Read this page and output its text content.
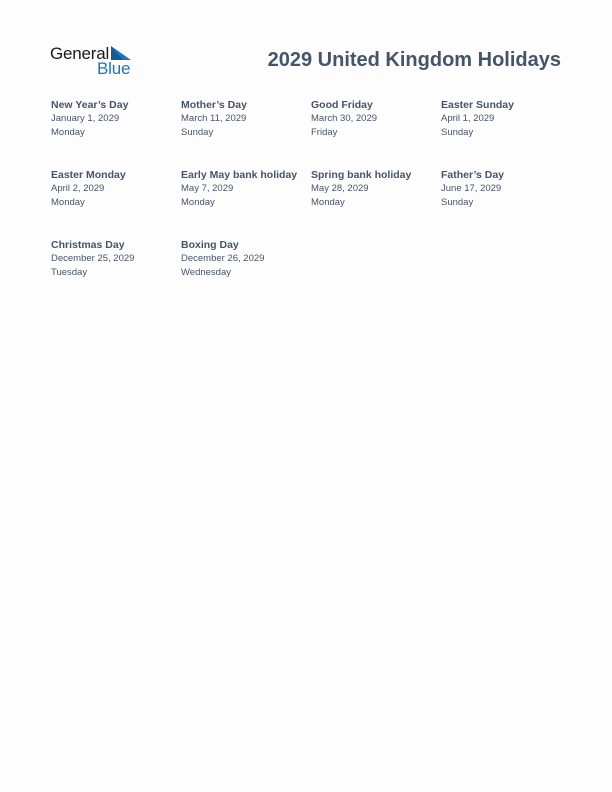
General
Blue	2029 United Kingdom Holidays
New Year’s Day
January 1, 2029
Monday
Mother’s Day
March 11, 2029
Sunday
Good Friday
March 30, 2029
Friday
Easter Sunday
April 1, 2029
Sunday
Easter Monday
April 2, 2029
Monday
Early May bank holiday
May 7, 2029
Monday
Spring bank holiday
May 28, 2029
Monday
Father’s Day
June 17, 2029
Sunday
Christmas Day
December 25, 2029
Tuesday
Boxing Day
December 26, 2029
Wednesday
